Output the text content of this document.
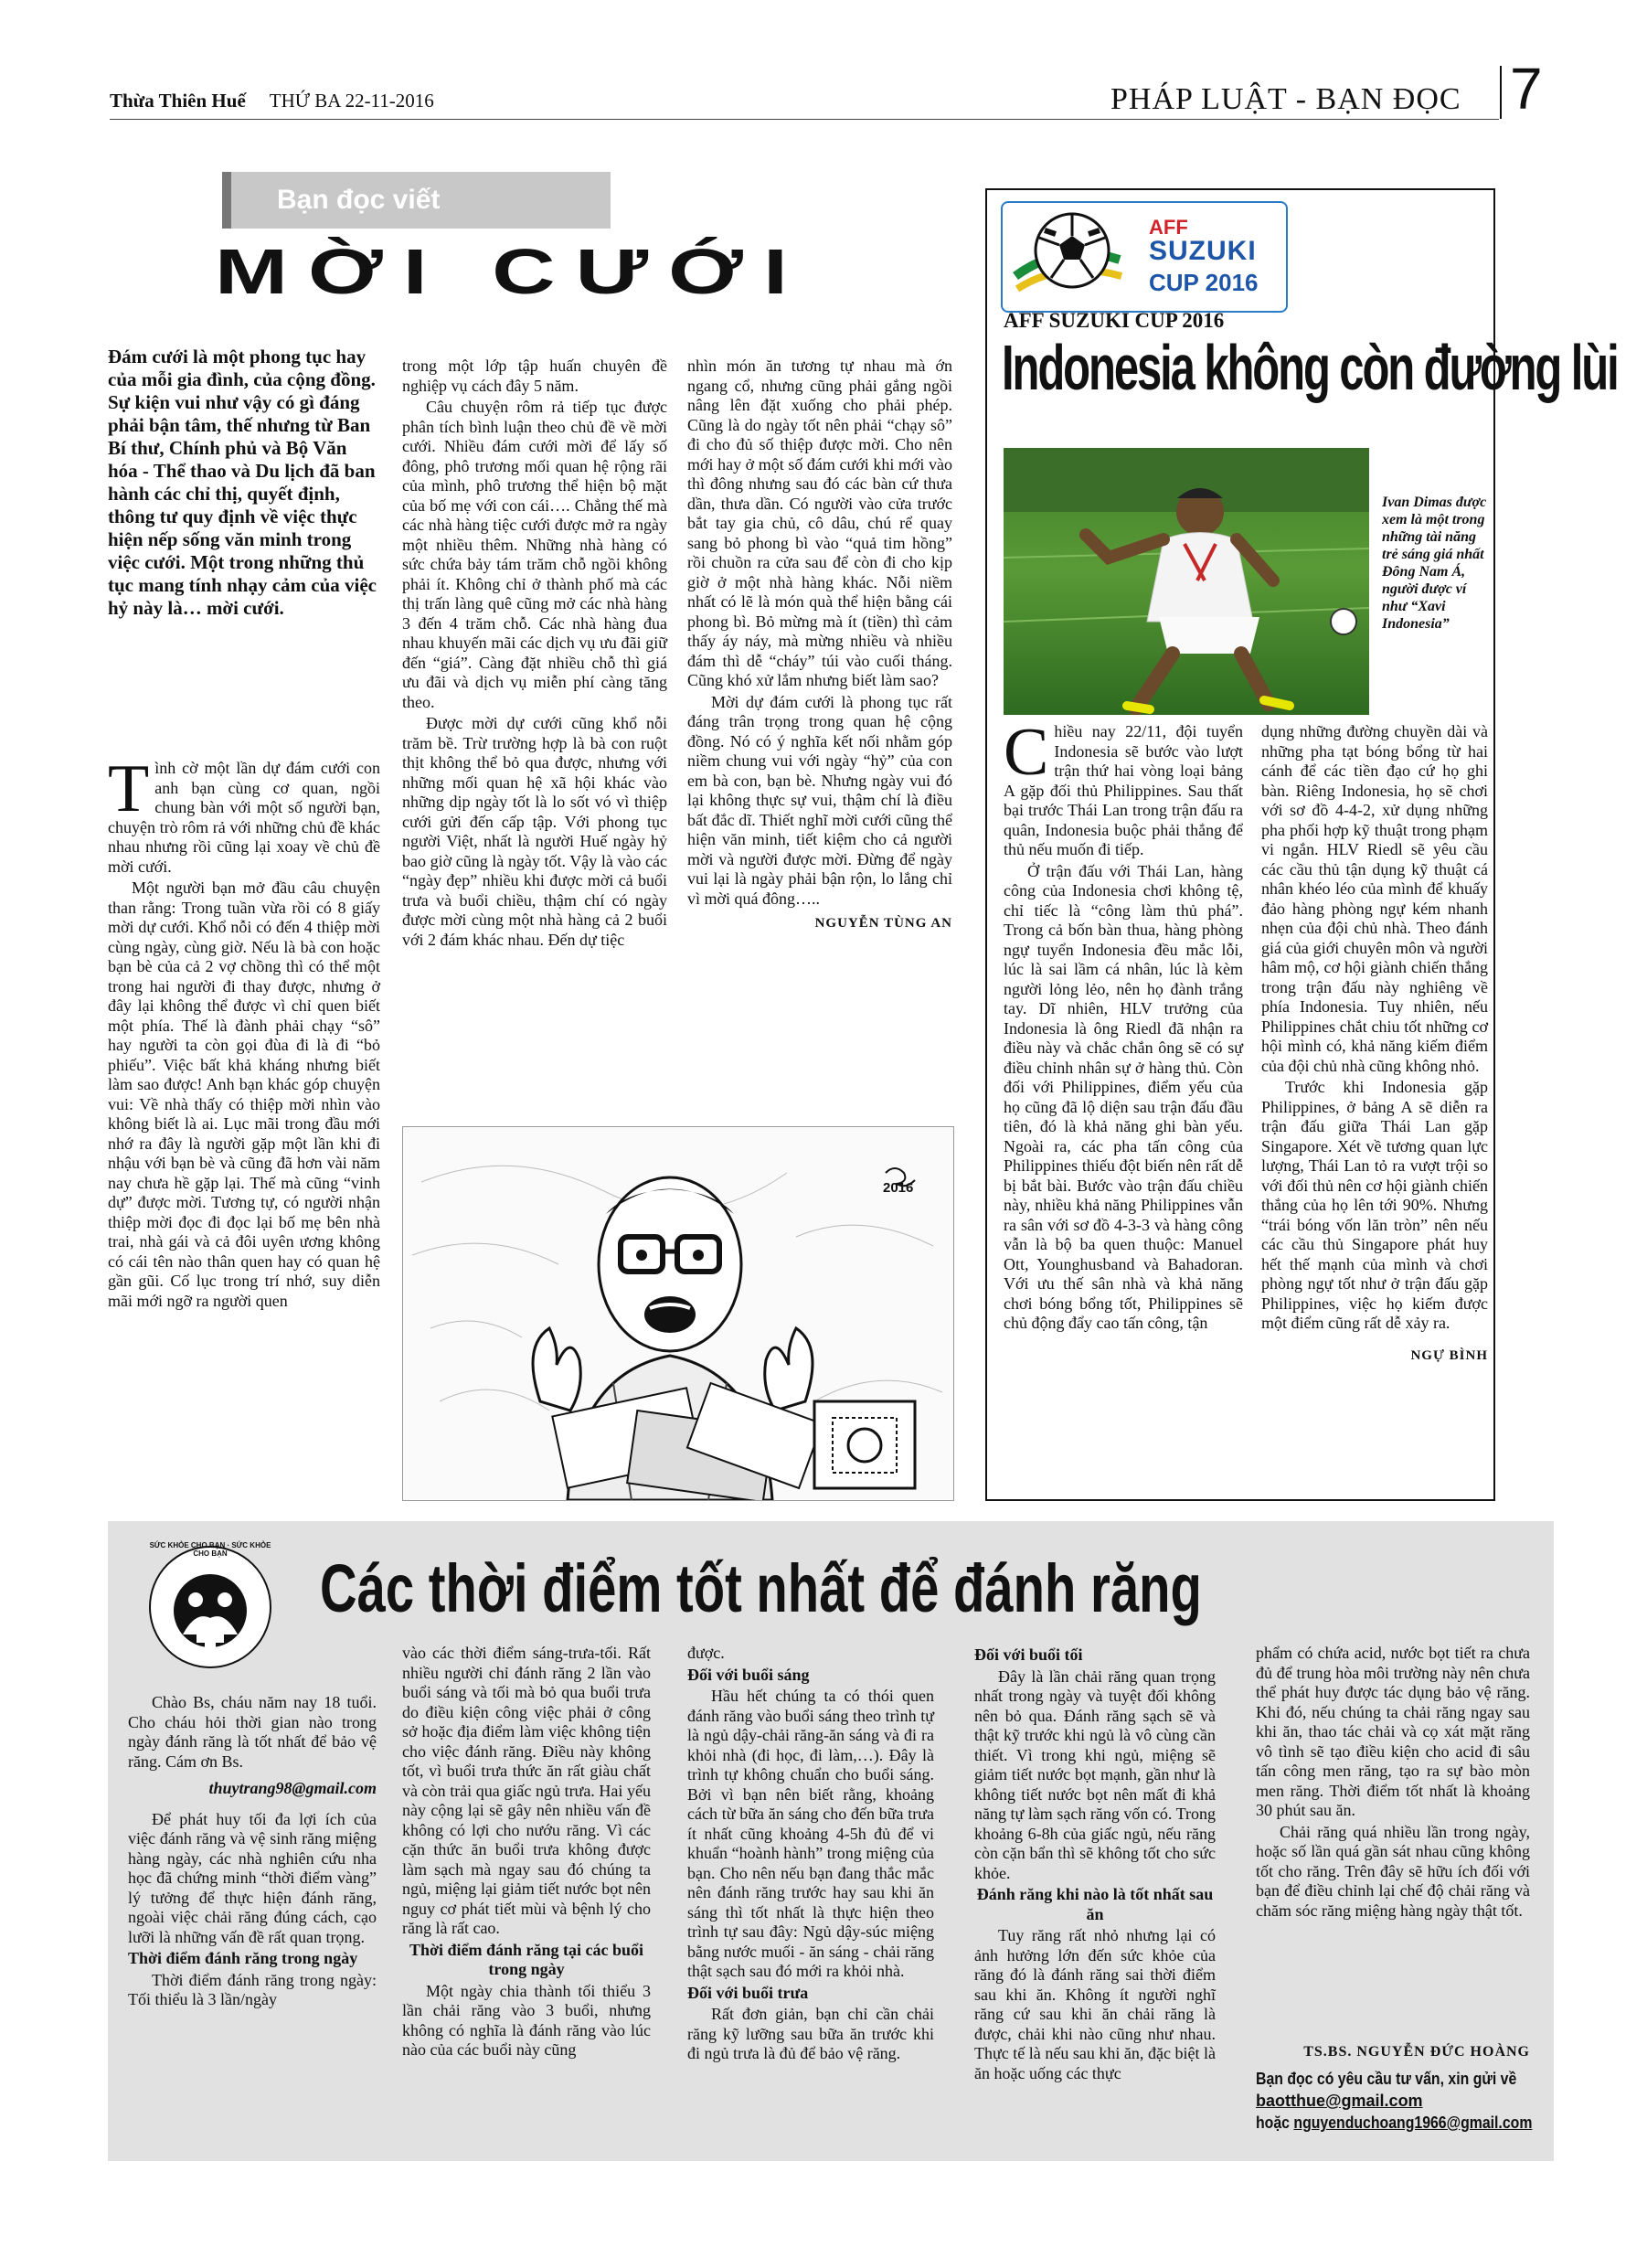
Thừa Thiên Huế THỨ BA 22-11-2016	PHÁP LUẬT - BẠN ĐỌC 7
Bạn đọc viết
MỜI CƯỚI
Đám cưới là một phong tục hay của mỗi gia đình, của cộng đồng. Sự kiện vui như vậy có gì đáng phải bận tâm, thế nhưng từ Ban Bí thư, Chính phủ và Bộ Văn hóa - Thể thao và Du lịch đã ban hành các chỉ thị, quyết định, thông tư quy định về việc thực hiện nếp sống văn minh trong việc cưới. Một trong những thủ tục mang tính nhạy cảm của việc hỷ này là… mời cưới.
T ình cờ một lần dự đám cưới con anh bạn cùng cơ quan, ngồi chung bàn với một số người bạn, chuyện trò rôm rả với những chủ đề khác nhau nhưng rồi cũng lại xoay về chủ đề mời cưới.

Một người bạn mở đầu câu chuyện than rằng: Trong tuần vừa rồi có 8 giấy mời dự cưới. Khổ nỗi có đến 4 thiệp mời cùng ngày, cùng giờ. Nếu là bà con hoặc bạn bè của cả 2 vợ chồng thì có thể một trong hai người đi thay được, nhưng ở đây lại không thể được vì chỉ quen biết một phía. Thế là đành phải chạy “sô” hay người ta còn gọi đùa đi là đi “bỏ phiếu”. Việc bất khả kháng nhưng biết làm sao được! Anh bạn khác góp chuyện vui: Về nhà thấy có thiệp mời nhìn vào không biết là ai. Lục mãi trong đầu mới nhớ ra đây là người gặp một lần khi đi nhậu với bạn bè và cũng đã hơn vài năm nay chưa hề gặp lại. Thế mà cũng “vinh dự” được mời. Tương tự, có người nhận thiệp mời đọc đi đọc lại bố mẹ bên nhà trai, nhà gái và cả đôi uyên ương không có cái tên nào thân quen hay có quan hệ gần gũi. Cố lục trong trí nhớ, suy diễn mãi mới ngỡ ra người quen

trong một lớp tập huấn chuyên đề nghiệp vụ cách đây 5 năm.

Câu chuyện rôm rả tiếp tục được phân tích bình luận theo chủ đề về mời cưới. Nhiều đám cưới mời để lấy số đông, phô trương mối quan hệ rộng rãi của mình, phô trương thể hiện bộ mặt của bố mẹ với con cái…. Chẳng thế mà các nhà hàng tiệc cưới được mở ra ngày một nhiều thêm. Những nhà hàng có sức chứa bảy tám trăm chỗ ngồi không phải ít. Không chỉ ở thành phố mà các thị trấn làng quê cũng mở các nhà hàng 3 đến 4 trăm chỗ. Các nhà hàng đua nhau khuyến mãi các dịch vụ ưu đãi giữ đến “giá”. Càng đặt nhiều chỗ thì giá ưu đãi và dịch vụ miễn phí càng tăng theo.

Được mời dự cưới cũng khổ nỗi trăm bề. Trừ trường hợp là bà con ruột thịt không thể bỏ qua được, nhưng với những mối quan hệ xã hội khác vào những dịp ngày tốt là lo sốt vó vì thiệp cưới gửi đến cấp tập. Với phong tục người Việt, nhất là người Huế ngày hỷ bao giờ cũng là ngày tốt. Vậy là vào các “ngày đẹp” nhiều khi được mời cả buổi trưa và buổi chiều, thậm chí có ngày được mời cùng một nhà hàng cả 2 buổi với 2 đám khác nhau. Đến dự tiệc

nhìn món ăn tương tự nhau mà ớn ngang cổ, nhưng cũng phải gắng ngồi nâng lên đặt xuống cho phải phép. Cũng là do ngày tốt nên phải “chạy sô” đi cho đủ số thiệp được mời. Cho nên mới hay ở một số đám cưới khi mới vào thì đông nhưng sau đó các bàn cứ thưa dần, thưa dần. Có người vào cửa trước bắt tay gia chủ, cô dâu, chú rể quay sang bỏ phong bì vào “quả tim hồng” rồi chuồn ra cửa sau để còn đi cho kịp giờ ở một nhà hàng khác. Nỗi niềm nhất có lẽ là món quà thể hiện bằng cái phong bì. Bỏ mừng mà ít (tiền) thì cảm thấy áy náy, mà mừng nhiều và nhiều đám thì dễ “cháy” túi vào cuối tháng. Cũng khó xử lắm nhưng biết làm sao?

Mời dự đám cưới là phong tục rất đáng trân trọng trong quan hệ cộng đồng. Nó có ý nghĩa kết nối nhằm góp niềm chung vui với ngày “hỷ” của con em bà con, bạn bè. Nhưng ngày vui đó lại không thực sự vui, thậm chí là điều bất đắc dĩ. Thiết nghĩ mời cưới cũng thể hiện văn minh, tiết kiệm cho cả người mời và người được mời. Đừng để ngày vui lại là ngày phải bận rộn, lo lắng chỉ vì mời quá đông…..

NGUYỄN TÙNG AN
2016
AFF
SUZUKI
CUP 2016
AFF SUZUKI CUP 2016
Indonesia không còn đường lùi
Ivan Dimas được xem là một trong những tài năng trẻ sáng giá nhất Đông Nam Á, người được ví như “Xavi Indonesia”
C hiều nay 22/11, đội tuyển Indonesia sẽ bước vào lượt trận thứ hai vòng loại bảng A gặp đối thủ Philippines. Sau thất bại trước Thái Lan trong trận đấu ra quân, Indonesia buộc phải thắng để thủ nếu muốn đi tiếp.

Ở trận đấu với Thái Lan, hàng công của Indonesia chơi không tệ, chỉ tiếc là “công làm thủ phá”. Trong cả bốn bàn thua, hàng phòng ngự tuyển Indonesia đều mắc lỗi, lúc là sai lầm cá nhân, lúc là kèm người lỏng lẻo, nên họ đành trắng tay. Dĩ nhiên, HLV trưởng của Indonesia là ông Riedl đã nhận ra điều này và chắc chắn ông sẽ có sự điều chỉnh nhân sự ở hàng thủ. Còn đối với Philippines, điểm yếu của họ cũng đã lộ diện sau trận đấu đầu tiên, đó là khả năng ghi bàn yếu. Ngoài ra, các pha tấn công của Philippines thiếu đột biến nên rất dễ bị bắt bài. Bước vào trận đấu chiều này, nhiều khả năng Philippines vẫn ra sân với sơ đồ 4-3-3 và hàng công vẫn là bộ ba quen thuộc: Manuel Ott, Younghusband và Bahadoran. Với ưu thế sân nhà và khả năng chơi bóng bổng tốt, Philippines sẽ chủ động đẩy cao tấn công, tận

dụng những đường chuyền dài và những pha tạt bóng bổng từ hai cánh để các tiền đạo cứ họ ghi bàn. Riêng Indonesia, họ sẽ chơi với sơ đồ 4-4-2, xử dụng những pha phối hợp kỹ thuật trong phạm vi ngắn. HLV Riedl sẽ yêu cầu các cầu thủ tận dụng kỹ thuật cá nhân khéo léo của mình để khuấy đảo hàng phòng ngự kém nhanh nhẹn của đội chủ nhà. Theo đánh giá của giới chuyên môn và người hâm mộ, cơ hội giành chiến thắng trong trận đấu này nghiêng về phía Indonesia. Tuy nhiên, nếu Philippines chắt chiu tốt những cơ hội mình có, khả năng kiếm điểm của đội chủ nhà cũng không nhỏ.

Trước khi Indonesia gặp Philippines, ở bảng A sẽ diễn ra trận đấu giữa Thái Lan gặp Singapore. Xét về tương quan lực lượng, Thái Lan tỏ ra vượt trội so với đối thủ nên cơ hội giành chiến thắng của họ lên tới 90%. Nhưng “trái bóng vốn lăn tròn” nên nếu các cầu thủ Singapore phát huy hết thế mạnh của mình và chơi phòng ngự tốt như ở trận đấu gặp Philippines, việc họ kiếm được một điểm cũng rất dễ xảy ra.

NGỰ BÌNH
SỨC KHỎE CHO BẠN · SỨC KHỎE CHO BẠN	Các thời điểm tốt nhất để đánh răng

Chào Bs, cháu năm nay 18 tuổi. Cho cháu hỏi thời gian nào trong ngày đánh răng là tốt nhất để bảo vệ răng. Cám ơn Bs.

thuytrang98@gmail.com

Để phát huy tối đa lợi ích của việc đánh răng và vệ sinh răng miệng hàng ngày, các nhà nghiên cứu nha học đã chứng minh “thời điểm vàng” lý tưởng để thực hiện đánh răng, ngoài việc chải răng đúng cách, cạo lưỡi là những vấn đề rất quan trọng.

Thời điểm đánh răng trong ngày

Thời điểm đánh răng trong ngày: Tối thiểu là 3 lần/ngày

vào các thời điểm sáng-trưa-tối. Rất nhiều người chỉ đánh răng 2 lần vào buổi sáng và tối mà bỏ qua buổi trưa do điều kiện công việc phải ở công sở hoặc địa điểm làm việc không tiện cho việc đánh răng. Điều này không tốt, vì buổi trưa thức ăn rất giàu chất và còn trải qua giấc ngủ trưa. Hai yếu này cộng lại sẽ gây nên nhiều vấn đề không có lợi cho nướu răng. Vì các cặn thức ăn buổi trưa không được làm sạch mà ngay sau đó chúng ta ngủ, miệng lại giảm tiết nước bọt nên nguy cơ phát tiết mùi và bệnh lý cho răng là rất cao.

Thời điểm đánh răng tại các buổi trong ngày

Một ngày chia thành tối thiểu 3 lần chải răng vào 3 buổi, nhưng không có nghĩa là đánh răng vào lúc nào của các buổi này cũng

được.

Đối với buổi sáng

Hầu hết chúng ta có thói quen đánh răng vào buổi sáng theo trình tự là ngủ dậy-chải răng-ăn sáng và đi ra khỏi nhà (đi học, đi làm,…). Đây là trình tự không chuẩn cho buổi sáng. Bởi vì bạn nên biết rằng, khoảng cách từ bữa ăn sáng cho đến bữa trưa ít nhất cũng khoảng 4-5h đủ để vi khuẩn “hoành hành” trong miệng của bạn. Cho nên nếu bạn đang thắc mắc nên đánh răng trước hay sau khi ăn sáng thì tốt nhất là thực hiện theo trình tự sau đây: Ngủ dậy-súc miệng bằng nước muối - ăn sáng - chải răng thật sạch sau đó mới ra khỏi nhà.

Đối với buổi trưa

Rất đơn giản, bạn chỉ cần chải răng kỹ lưỡng sau bữa ăn trước khi đi ngủ trưa là đủ để bảo vệ răng.

Đối với buổi tối

Đây là lần chải răng quan trọng nhất trong ngày và tuyệt đối không nên bỏ qua. Đánh răng sạch sẽ và thật kỹ trước khi ngủ là vô cùng cần thiết. Vì trong khi ngủ, miệng sẽ giảm tiết nước bọt mạnh, gần như là không tiết nước bọt nên mất đi khả năng tự làm sạch răng vốn có. Trong khoảng 6-8h của giấc ngủ, nếu răng còn cặn bẩn thì sẽ không tốt cho sức khỏe.

Đánh răng khi nào là tốt nhất sau ăn

Tuy răng rất nhỏ nhưng lại có ảnh hưởng lớn đến sức khỏe của răng đó là đánh răng sai thời điểm sau khi ăn. Không ít người nghĩ răng cứ sau khi ăn chải răng là được, chải khi nào cũng như nhau. Thực tế là nếu sau khi ăn, đặc biệt là ăn hoặc uống các thực

phẩm có chứa acid, nước bọt tiết ra chưa đủ để trung hòa môi trường này nên chưa thể phát huy được tác dụng bảo vệ răng. Khi đó, nếu chúng ta chải răng ngay sau khi ăn, thao tác chải và cọ xát mặt răng vô tình sẽ tạo điều kiện cho acid đi sâu tấn công men răng, tạo ra sự bào mòn men răng. Thời điểm tốt nhất là khoảng 30 phút sau ăn.

Chải răng quá nhiều lần trong ngày, hoặc số lần quá gần sát nhau cũng không tốt cho răng. Trên đây sẽ hữu ích đối với bạn để điều chỉnh lại chế độ chải răng và chăm sóc răng miệng hàng ngày thật tốt.

TS.BS. NGUYỄN ĐỨC HOÀNG
Bạn đọc có yêu cầu tư vấn, xin gửi về
baotthue@gmail.com
hoặc nguyenduchoang1966@gmail.com
